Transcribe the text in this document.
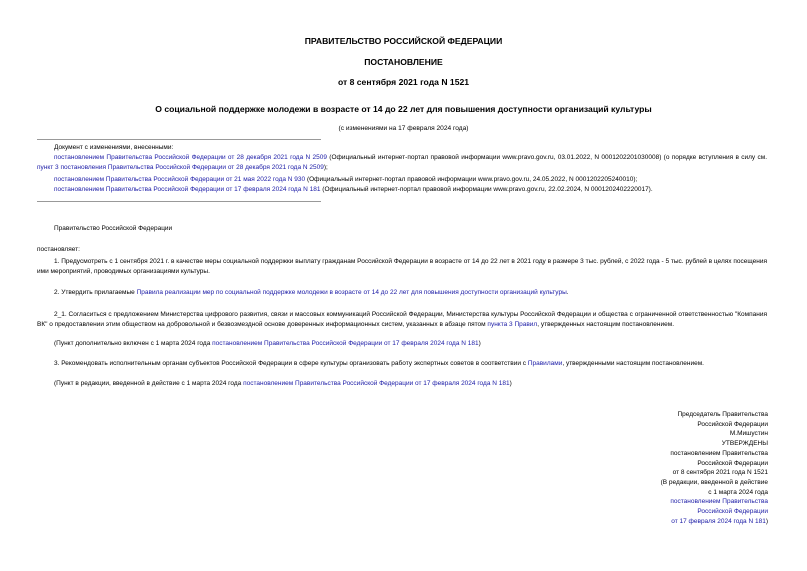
ПРАВИТЕЛЬСТВО РОССИЙСКОЙ ФЕДЕРАЦИИ
ПОСТАНОВЛЕНИЕ
от 8 сентября 2021 года N 1521
О социальной поддержке молодежи в возрасте от 14 до 22 лет для повышения доступности организаций культуры
(с изменениями на 17 февраля 2024 года)
Документ с изменениями, внесенными:
постановлением Правительства Российской Федерации от 28 декабря 2021 года N 2509 (Официальный интернет-портал правовой информации www.pravo.gov.ru, 03.01.2022, N 0001202201030008) (о порядке вступления в силу см. пункт 3 постановления Правительства Российской Федерации от 28 декабря 2021 года N 2509);
постановлением Правительства Российской Федерации от 21 мая 2022 года N 930 (Официальный интернет-портал правовой информации www.pravo.gov.ru, 24.05.2022, N 0001202205240010);
постановлением Правительства Российской Федерации от 17 февраля 2024 года N 181 (Официальный интернет-портал правовой информации www.pravo.gov.ru, 22.02.2024, N 0001202402220017).
Правительство Российской Федерации
постановляет:
1. Предусмотреть с 1 сентября 2021 г. в качестве меры социальной поддержки выплату гражданам Российской Федерации в возрасте от 14 до 22 лет в 2021 году в размере 3 тыс. рублей, с 2022 года - 5 тыс. рублей в целях посещения ими мероприятий, проводимых организациями культуры.
2. Утвердить прилагаемые Правила реализации мер по социальной поддержке молодежи в возрасте от 14 до 22 лет для повышения доступности организаций культуры.
2_1. Согласиться с предложением Министерства цифрового развития, связи и массовых коммуникаций Российской Федерации, Министерства культуры Российской Федерации и общества с ограниченной ответственностью "Компания ВК" о предоставлении этим обществом на добровольной и безвозмездной основе доверенных информационных систем, указанных в абзаце пятом пункта 3 Правил, утвержденных настоящим постановлением.
(Пункт дополнительно включен с 1 марта 2024 года постановлением Правительства Российской Федерации от 17 февраля 2024 года N 181)
3. Рекомендовать исполнительным органам субъектов Российской Федерации в сфере культуры организовать работу экспертных советов в соответствии с Правилами, утвержденными настоящим постановлением.
(Пункт в редакции, введенной в действие с 1 марта 2024 года постановлением Правительства Российской Федерации от 17 февраля 2024 года N 181)
Председатель Правительства
Российской Федерации
М.Мишустин
УТВЕРЖДЕНЫ
постановлением Правительства
Российской Федерации
от 8 сентября 2021 года N 1521
(В редакции, введенной в действие
с 1 марта 2024 года
постановлением Правительства
Российской Федерации
от 17 февраля 2024 года N 181)
